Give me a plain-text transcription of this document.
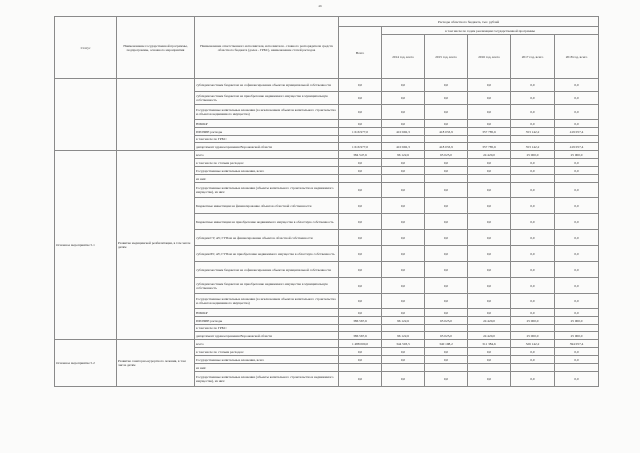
46
Статус	Наименование государственной программы, подпрограммы, основного мероприятия	Наименование ответственного исполнителя, исполнителя - главного распорядителя средств областного бюджета (далее - ГРБС), наименование статей расходов	Расходы областного бюджета, тыс. рублей					
			Всего	в том числе по годам реализации государственной программы				
				2014 год, всего	2015 год, всего	2016 год, всего	2017 год, всего	2018 год, всего
		субсидии местным бюджетам на софинансирование объектов муниципальной собственности	0,0	0,0	0,0	0,0	0,0	0,0
		субсидии местным бюджетам на приобретение недвижимого имущества в муниципальную собственность	0,0	0,0	0,0	0,0	0,0	0,0
		Государственные капитальные вложения (за исключением объектов капитального строительства и объектов недвижимого имущества)	0,0	0,0	0,0	0,0	0,0	0,0
		НИОКР	0,0	0,0	0,0	0,0	0,0	0,0
		ПРОЧИЕ расходы	1 616 977,0	410 692,3	418 033,9	357 785,6	353 142,2	419 057,4
		в том числе по ГРБС:						
		департамент здравоохранения Воронежской области	1 616 977,0	410 692,3	418 033,9	357 785,6	353 142,2	419 057,4
Основное мероприятие 5.1	Развитие медицинской реабилитации, в том числе детям	всего	384 547,6	96 122,6	65 025,0	24 420,0	25 000,0	25 000,0
		в том числе по статьям расходов:	0,0	0,0	0,0	0,0	0,0	0,0
		Государственные капитальные вложения, всего	0,0	0,0	0,0	0,0	0,0	0,0
		из них:						
		Государственные капитальные вложения (объекты капитального строительства и недвижимого имущества), из них:	0,0	0,0	0,0	0,0	0,0	0,0
		Бюджетные инвестиции на финансирование объектов областной собственности	0,0	0,0	0,0	0,0	0,0	0,0
		Бюджетные инвестиции на приобретение недвижимого имущества в областную собственность	0,0	0,0	0,0	0,0	0,0	0,0
		субсидии ГУ, АУ, ГУПам на финансирование объектов областной собственности	0,0	0,0	0,0	0,0	0,0	0,0
		субсидии БУ, АУ, ГУПам на приобретение недвижимого имущества в областную собственность	0,0	0,0	0,0	0,0	0,0	0,0
		субсидии местным бюджетам на софинансирование объектов муниципальной собственности	0,0	0,0	0,0	0,0	0,0	0,0
		субсидии местным бюджетам на приобретение недвижимого имущества в муниципальную собственность	0,0	0,0	0,0	0,0	0,0	0,0
		Государственные капитальные вложения (за исключением объектов капитального строительства и объектов недвижимого имущества)	0,0	0,0	0,0	0,0	0,0	0,0
		НИОКР	0,0	0,0	0,0	0,0	0,0	0,0
		ПРОЧИЕ расходы	386 567,6	96 122,6	65 025,0	24 420,0	25 000,0	25 000,0
		в том числе по ГРБС:						
		департамент здравоохранения Воронежской области	386 567,6	96 122,6	65 025,0	24 420,0	25 000,0	25 000,0
Основное мероприятие 5.2	Развитие санаторно-курортного лечения, в том числе детям	всего	1 488 000,0	344 503,5	340 198,2	311 384,6	326 142,2	394 057,4
		в том числе по статьям расходов:	0,0	0,0	0,0	0,0	0,0	0,0
		Государственные капитальные вложения, всего	0,0	0,0	0,0	0,0	0,0	0,0
		из них:						
		Государственные капитальные вложения (объекты капитального строительства и недвижимого имущества), из них:	0,0	0,0	0,0	0,0	0,0	0,0
